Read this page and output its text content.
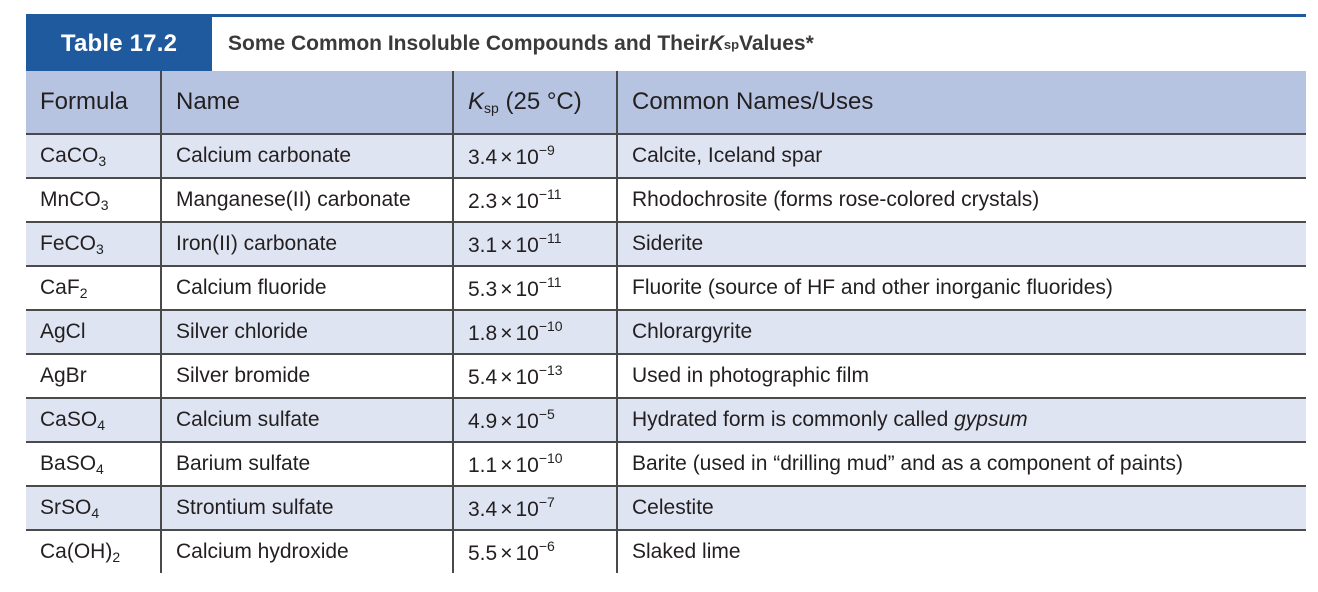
Table 17.2	Some Common Insoluble Compounds and Their K sp Values*
Formula	Name	$K_{sp}$ (25 °C)	Common Names/Uses
CaCO$_3$	Calcium carbonate	$3.4 \times 10^{-9}$	Calcite, Iceland spar
MnCO$_3$	Manganese(II) carbonate	$2.3 \times 10^{-11}$	Rhodochrosite (forms rose-colored crystals)
FeCO$_3$	Iron(II) carbonate	$3.1 \times 10^{-11}$	Siderite
CaF$_2$	Calcium fluoride	$5.3 \times 10^{-11}$	Fluorite (source of HF and other inorganic fluorides)
AgCl	Silver chloride	$1.8 \times 10^{-10}$	Chlorargyrite
AgBr	Silver bromide	$5.4 \times 10^{-13}$	Used in photographic film
CaSO$_4$	Calcium sulfate	$4.9 \times 10^{-5}$	Hydrated form is commonly called gypsum
BaSO$_4$	Barium sulfate	$1.1 \times 10^{-10}$	Barite (used in “drilling mud” and as a component of paints)
SrSO$_4$	Strontium sulfate	$3.4 \times 10^{-7}$	Celestite
$Ca(OH)_2$	Calcium hydroxide	$5.5 \times 10^{-6}$	Slaked lime
